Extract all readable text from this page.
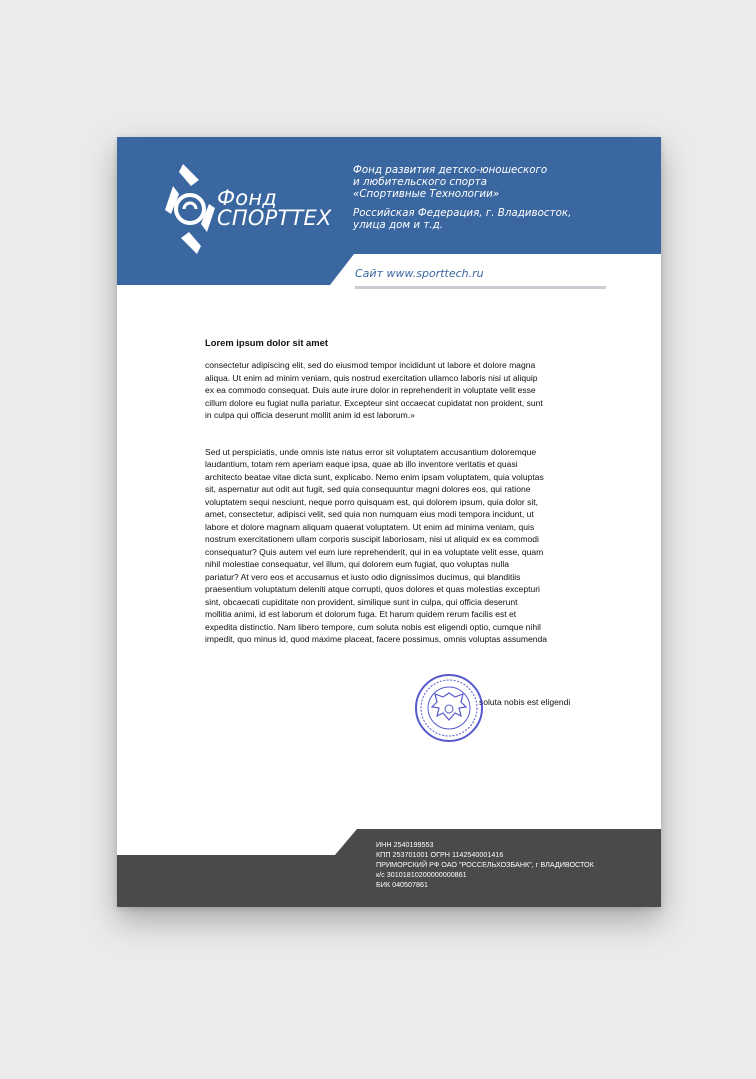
Фонд
СПОРТТЕХ
Фонд развития детско-юношеского
и любительского спорта
«Спортивные Технологии»
Российская Федерация, г. Владивосток,
улица дом и т.д.
Сайт www.sporttech.ru

Lorem ipsum dolor sit amet

consectetur adipiscing elit, sed do eiusmod tempor incididunt ut labore et dolore magna
aliqua. Ut enim ad minim veniam, quis nostrud exercitation ullamco laboris nisi ut aliquip
ex ea commodo consequat. Duis aute irure dolor in reprehenderit in voluptate velit esse
cillum dolore eu fugiat nulla pariatur. Excepteur sint occaecat cupidatat non proident, sunt
in culpa qui officia deserunt mollit anim id est laborum.»

Sed ut perspiciatis, unde omnis iste natus error sit voluptatem accusantium doloremque
laudantium, totam rem aperiam eaque ipsa, quae ab illo inventore veritatis et quasi
architecto beatae vitae dicta sunt, explicabo. Nemo enim ipsam voluptatem, quia voluptas
sit, aspernatur aut odit aut fugit, sed quia consequuntur magni dolores eos, qui ratione
voluptatem sequi nesciunt, neque porro quisquam est, qui dolorem ipsum, quia dolor sit,
amet, consectetur, adipisci velit, sed quia non numquam eius modi tempora incidunt, ut
labore et dolore magnam aliquam quaerat voluptatem. Ut enim ad minima veniam, quis
nostrum exercitationem ullam corporis suscipit laboriosam, nisi ut aliquid ex ea commodi
consequatur? Quis autem vel eum iure reprehenderit, qui in ea voluptate velit esse, quam
nihil molestiae consequatur, vel illum, qui dolorem eum fugiat, quo voluptas nulla
pariatur? At vero eos et accusamus et iusto odio dignissimos ducimus, qui blanditiis
praesentium voluptatum deleniti atque corrupti, quos dolores et quas molestias excepturi
sint, obcaecati cupiditate non provident, similique sunt in culpa, qui officia deserunt
mollitia animi, id est laborum et dolorum fuga. Et harum quidem rerum facilis est et
expedita distinctio. Nam libero tempore, cum soluta nobis est eligendi optio, cumque nihil
impedit, quo minus id, quod maxime placeat, facere possimus, omnis voluptas assumenda

soluta nobis est eligendi
ИНН 2540199553
КПП 253701001 ОГРН 1142540001416
ПРИМОРСКИЙ РФ ОАО "РОССЕЛЬХОЗБАНК", г ВЛАДИВОСТОК
к/с 30101810200000000861
БИК 040507861
